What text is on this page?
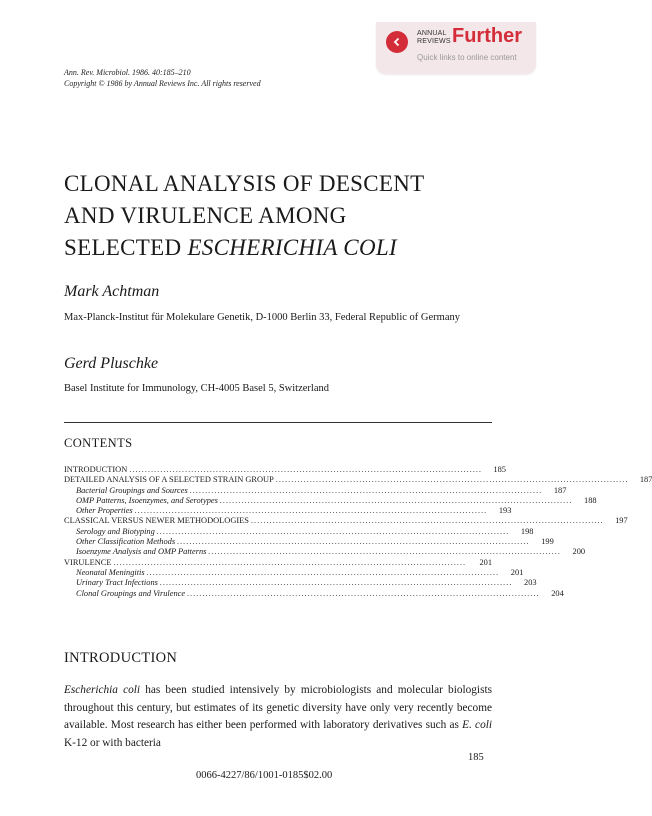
ANNUAL
REVIEWS Further
Quick links to online content
Ann. Rev. Microbiol. 1986. 40:185–210
Copyright © 1986 by Annual Reviews Inc. All rights reserved
CLONAL ANALYSIS OF DESCENT
AND VIRULENCE AMONG
SELECTED ESCHERICHIA COLI
Mark Achtman
Max-Planck-Institut für Molekulare Genetik, D-1000 Berlin 33, Federal Republic of Germany
Gerd Pluschke
Basel Institute for Immunology, CH-4005 Basel 5, Switzerland
CONTENTS
INTRODUCTION ..................................................................................................................	185
DETAILED ANALYSIS OF A SELECTED STRAIN GROUP ..................................................................................................................	187
Bacterial Groupings and Sources ..................................................................................................................	187
OMP Patterns, Isoenzymes, and Serotypes ..................................................................................................................	188
Other Properties ..................................................................................................................	193
CLASSICAL VERSUS NEWER METHODOLOGIES ..................................................................................................................	197
Serology and Biotyping ..................................................................................................................	198
Other Classification Methods ..................................................................................................................	199
Isoenzyme Analysis and OMP Patterns ..................................................................................................................	200
VIRULENCE ..................................................................................................................	201
Neonatal Meningitis ..................................................................................................................	201
Urinary Tract Infections ..................................................................................................................	203
Clonal Groupings and Virulence ..................................................................................................................	204
INTRODUCTION
Escherichia coli has been studied intensively by microbiologists and molecular biologists throughout this century, but estimates of its genetic diversity have only very recently become available. Most research has either been performed with laboratory derivatives such as E. coli K-12 or with bacteria
185
0066-4227/86/1001-0185$02.00
